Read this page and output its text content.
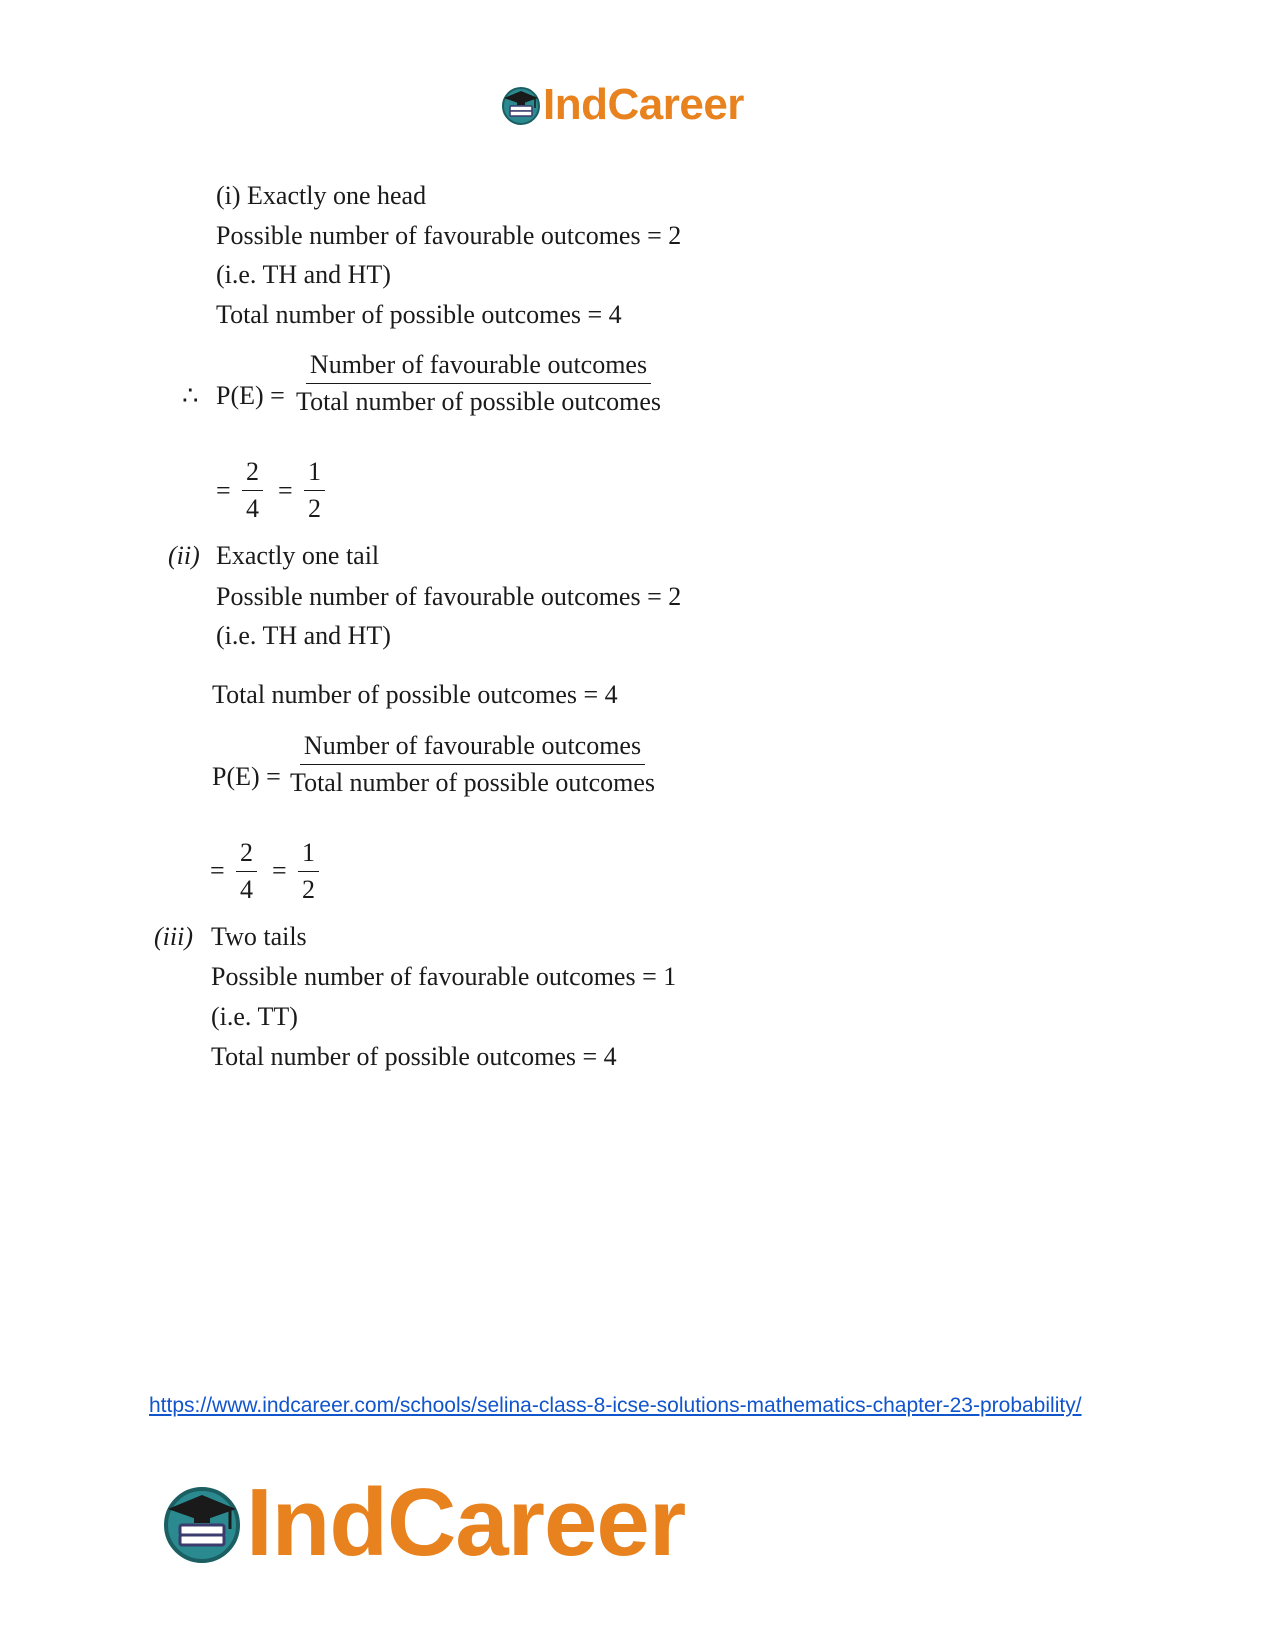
IndCareer
(i) Exactly one head
Possible number of favourable outcomes = 2
(i.e. TH and HT)
Total number of possible outcomes = 4
∴ P(E) =
Number of favourable outcomes
Total number of possible outcomes
= $\frac{2}{4} = \frac{1}{2}$
(ii) Exactly one tail
Possible number of favourable outcomes = 2
(i.e. TH and HT)
Total number of possible outcomes = 4
P(E) =
Number of favourable outcomes
Total number of possible outcomes
= $\frac{2}{4} = \frac{1}{2}$
(iii) Two tails
Possible number of favourable outcomes = 1
(i.e. TT)
Total number of possible outcomes = 4
https://www.indcareer.com/schools/selina-class-8-icse-solutions-mathematics-chapter-23-probability/
IndCareer
